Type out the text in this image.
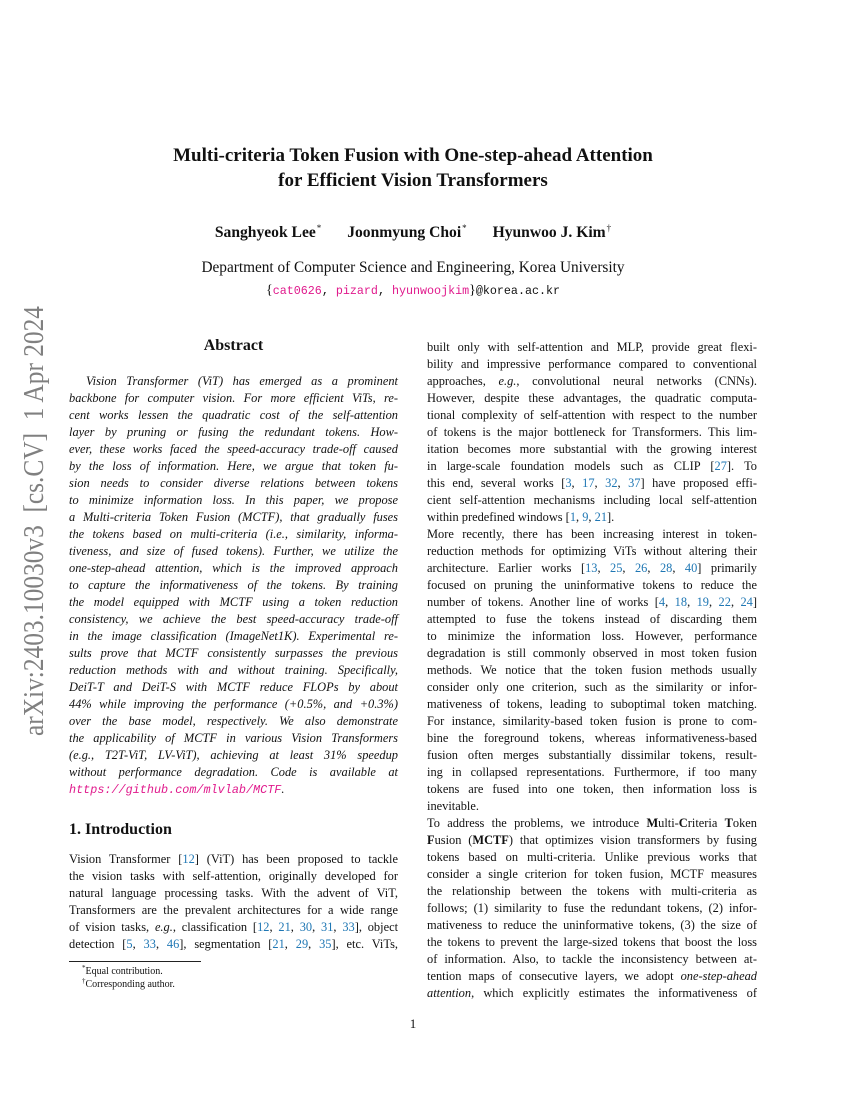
arXiv:2403.10030v3  [cs.CV]  1 Apr 2024
Multi-criteria Token Fusion with One-step-ahead Attention
for Efficient Vision Transformers
Sanghyeok Lee* Joonmyung Choi* Hyunwoo J. Kim†
Department of Computer Science and Engineering, Korea University
{cat0626, pizard, hyunwoojkim}@korea.ac.kr
Abstract
Vision Transformer (ViT) has emerged as a prominent
backbone for computer vision. For more efficient ViTs, re-
cent works lessen the quadratic cost of the self-attention
layer by pruning or fusing the redundant tokens. How-
ever, these works faced the speed-accuracy trade-off caused
by the loss of information. Here, we argue that token fu-
sion needs to consider diverse relations between tokens
to minimize information loss. In this paper, we propose
a Multi-criteria Token Fusion (MCTF), that gradually fuses
the tokens based on multi-criteria (i.e., similarity, informa-
tiveness, and size of fused tokens). Further, we utilize the
one-step-ahead attention, which is the improved approach
to capture the informativeness of the tokens. By training
the model equipped with MCTF using a token reduction
consistency, we achieve the best speed-accuracy trade-off
in the image classification (ImageNet1K). Experimental re-
sults prove that MCTF consistently surpasses the previous
reduction methods with and without training. Specifically,
DeiT-T and DeiT-S with MCTF reduce FLOPs by about
44% while improving the performance (+0.5%, and +0.3%)
over the base model, respectively. We also demonstrate
the applicability of MCTF in various Vision Transformers
(e.g., T2T-ViT, LV-ViT), achieving at least 31% speedup
without performance degradation. Code is available at
https://github.com/mlvlab/MCTF.
1. Introduction
Vision Transformer [12] (ViT) has been proposed to tackle
the vision tasks with self-attention, originally developed for
natural language processing tasks. With the advent of ViT,
Transformers are the prevalent architectures for a wide range
of vision tasks, e.g., classification [12, 21, 30, 31, 33], object
detection [5, 33, 46], segmentation [21, 29, 35], etc. ViTs,
*Equal contribution.
†Corresponding author.
built only with self-attention and MLP, provide great flexi-
bility and impressive performance compared to conventional
approaches, e.g., convolutional neural networks (CNNs).
However, despite these advantages, the quadratic computa-
tional complexity of self-attention with respect to the number
of tokens is the major bottleneck for Transformers. This lim-
itation becomes more substantial with the growing interest
in large-scale foundation models such as CLIP [27]. To
this end, several works [3, 17, 32, 37] have proposed effi-
cient self-attention mechanisms including local self-attention
within predefined windows [1, 9, 21].
More recently, there has been increasing interest in token-
reduction methods for optimizing ViTs without altering their
architecture. Earlier works [13, 25, 26, 28, 40] primarily
focused on pruning the uninformative tokens to reduce the
number of tokens. Another line of works [4, 18, 19, 22, 24]
attempted to fuse the tokens instead of discarding them
to minimize the information loss. However, performance
degradation is still commonly observed in most token fusion
methods. We notice that the token fusion methods usually
consider only one criterion, such as the similarity or infor-
mativeness of tokens, leading to suboptimal token matching.
For instance, similarity-based token fusion is prone to com-
bine the foreground tokens, whereas informativeness-based
fusion often merges substantially dissimilar tokens, result-
ing in collapsed representations. Furthermore, if too many
tokens are fused into one token, then information loss is
inevitable.
To address the problems, we introduce Multi-Criteria Token
Fusion (MCTF) that optimizes vision transformers by fusing
tokens based on multi-criteria. Unlike previous works that
consider a single criterion for token fusion, MCTF measures
the relationship between the tokens with multi-criteria as
follows; (1) similarity to fuse the redundant tokens, (2) infor-
mativeness to reduce the uninformative tokens, (3) the size of
the tokens to prevent the large-sized tokens that boost the loss
of information. Also, to tackle the inconsistency between at-
tention maps of consecutive layers, we adopt one-step-ahead
attention, which explicitly estimates the informativeness of
1
